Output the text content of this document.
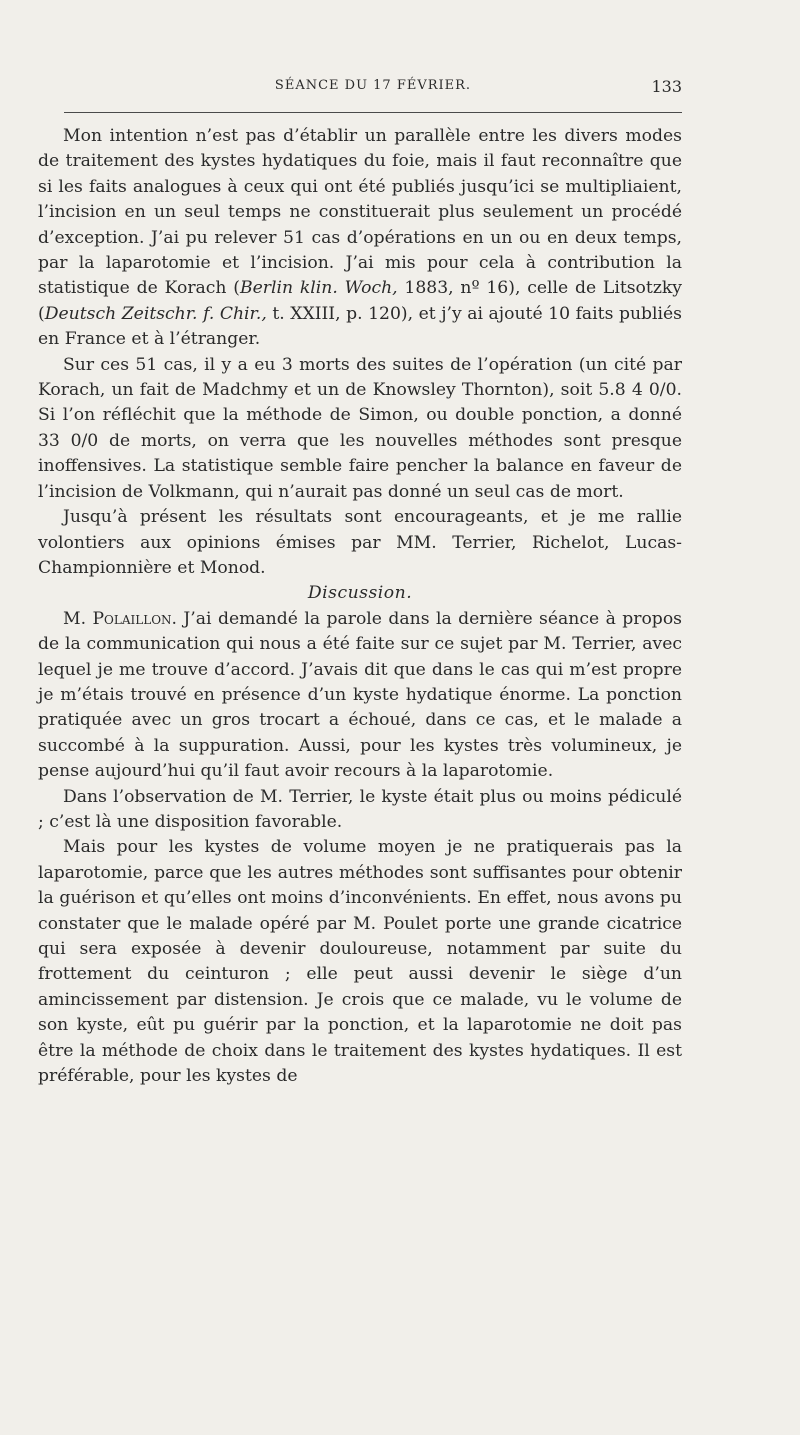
SÉANCE DU 17 FÉVRIER.	133

Mon intention n’est pas d’établir un parallèle entre les divers modes de traitement des kystes hydatiques du foie, mais il faut reconnaître que si les faits analogues à ceux qui ont été publiés jusqu’ici se multipliaient, l’incision en un seul temps ne constituerait plus seulement un procédé d’exception. J’ai pu relever 51 cas d’opérations en un ou en deux temps, par la laparotomie et l’incision. J’ai mis pour cela à contribution la statistique de Korach (Berlin klin. Woch, 1883, nº 16), celle de Litsotzky (Deutsch Zeitschr. f. Chir., t. XXIII, p. 120), et j’y ai ajouté 10 faits publiés en France et à l’étranger.

Sur ces 51 cas, il y a eu 3 morts des suites de l’opération (un cité par Korach, un fait de Madchmy et un de Knowsley Thornton), soit 5.8 4 0/0. Si l’on réfléchit que la méthode de Simon, ou double ponction, a donné 33 0/0 de morts, on verra que les nouvelles méthodes sont presque inoffensives. La statistique semble faire pencher la balance en faveur de l’incision de Volkmann, qui n’aurait pas donné un seul cas de mort.

Jusqu’à présent les résultats sont encourageants, et je me rallie volontiers aux opinions émises par MM. Terrier, Richelot, Lucas-Championnière et Monod.

Discussion.

M. Polaillon. J’ai demandé la parole dans la dernière séance à propos de la communication qui nous a été faite sur ce sujet par M. Terrier, avec lequel je me trouve d’accord. J’avais dit que dans le cas qui m’est propre je m’étais trouvé en présence d’un kyste hydatique énorme. La ponction pratiquée avec un gros trocart a échoué, dans ce cas, et le malade a succombé à la suppuration. Aussi, pour les kystes très volumineux, je pense aujourd’hui qu’il faut avoir recours à la laparotomie.

Dans l’observation de M. Terrier, le kyste était plus ou moins pédiculé ; c’est là une disposition favorable.

Mais pour les kystes de volume moyen je ne pratiquerais pas la laparotomie, parce que les autres méthodes sont suffisantes pour obtenir la guérison et qu’elles ont moins d’inconvénients. En effet, nous avons pu constater que le malade opéré par M. Poulet porte une grande cicatrice qui sera exposée à devenir douloureuse, notamment par suite du frottement du ceinturon ; elle peut aussi devenir le siège d’un amincissement par distension. Je crois que ce malade, vu le volume de son kyste, eût pu guérir par la ponction, et la laparotomie ne doit pas être la méthode de choix dans le traitement des kystes hydatiques. Il est préférable, pour les kystes de
